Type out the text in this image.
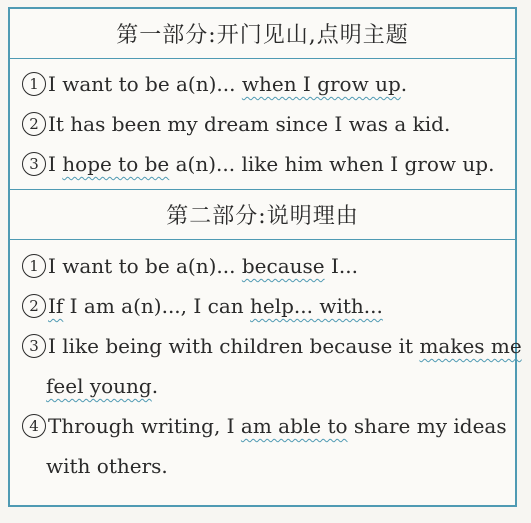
第一部分:开门见山,点明主题
1 I want to be a(n)... when I grow up.
2 It has been my dream since I was a kid.
3 I hope to be a(n)... like him when I grow up.
第二部分:说明理由
1 I want to be a(n)... because I...
2 If I am a(n)..., I can help... with...
3 I like being with children because it makes me
feel young.
4 Through writing, I am able to share my ideas
with others.
